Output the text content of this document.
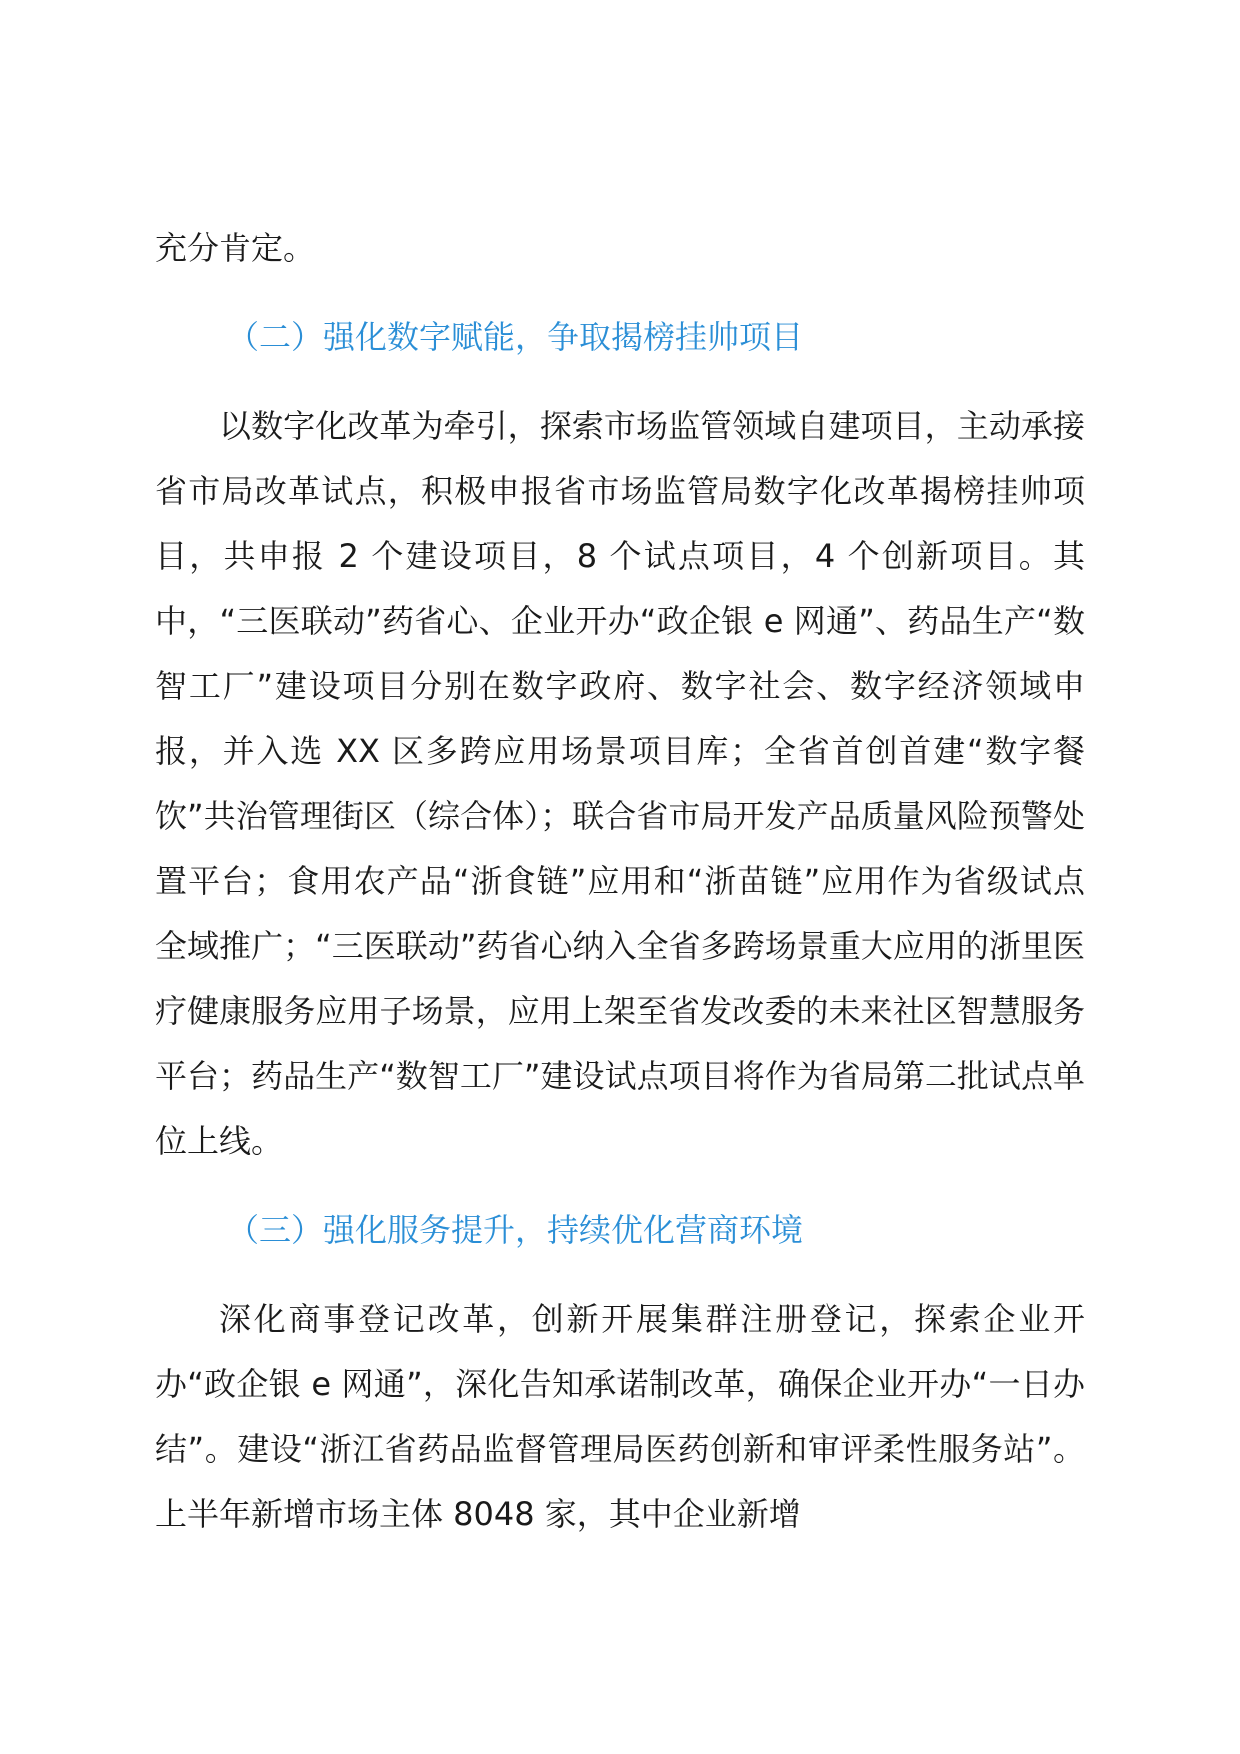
充分肯定。

（二）强化数字赋能，争取揭榜挂帅项目

以数字化改革为牵引，探索市场监管领域自建项目，主动承接省市局改革试点，积极申报省市场监管局数字化改革揭榜挂帅项目，共申报 2 个建设项目，8 个试点项目，4 个创新项目。其中，“三医联动”药省心、企业开办“政企银 e 网通”、药品生产“数智工厂”建设项目分别在数字政府、数字社会、数字经济领域申报，并入选 XX 区多跨应用场景项目库；全省首创首建“数字餐饮”共治管理街区（综合体）；联合省市局开发产品质量风险预警处置平台；食用农产品“浙食链”应用和“浙苗链”应用作为省级试点全域推广；“三医联动”药省心纳入全省多跨场景重大应用的浙里医疗健康服务应用子场景，应用上架至省发改委的未来社区智慧服务平台；药品生产“数智工厂”建设试点项目将作为省局第二批试点单位上线。

（三）强化服务提升，持续优化营商环境

深化商事登记改革，创新开展集群注册登记，探索企业开办“政企银 e 网通”，深化告知承诺制改革，确保企业开办“一日办结”。建设“浙江省药品监督管理局医药创新和审评柔性服务站”。上半年新增市场主体 8048 家，其中企业新增
